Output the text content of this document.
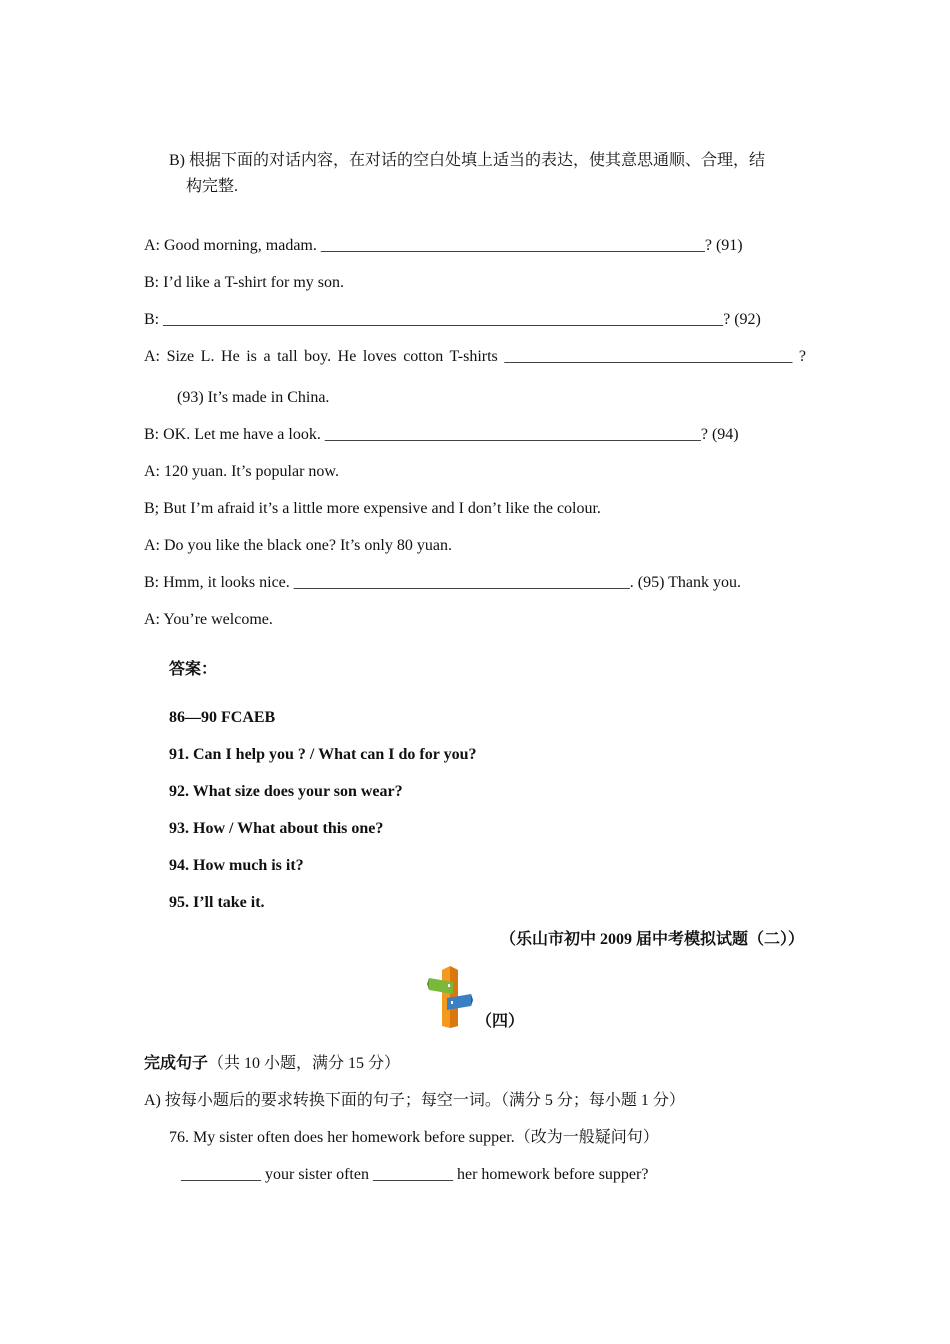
B) 根据下面的对话内容，在对话的空白处填上适当的表达，使其意思通顺、合理，结
构完整.
A: Good morning, madam. ________________________________________________? (91)
B: I’d like a T-shirt for my son.
B: ______________________________________________________________________? (92)
A: Size L. He is a tall boy. He loves cotton T-shirts ____________________________________ ?
(93) It’s made in China.
B: OK. Let me have a look. _______________________________________________? (94)
A: 120 yuan. It’s popular now.
B; But I’m afraid it’s a little more expensive and I don’t like the colour.
A: Do you like the black one? It’s only 80 yuan.
B: Hmm, it looks nice. __________________________________________. (95) Thank you.
A: You’re welcome.
答案：
86—90 FCAEB
91. Can I help you ? / What can I do for you?
92. What size does your son wear?
93. How / What about this one?
94. How much is it?
95. I’ll take it.
（乐山市初中 2009 届中考模拟试题（二））
（四）
完成句子（共 10 小题，满分 15 分）
A) 按每小题后的要求转换下面的句子；每空一词。（满分 5 分；每小题 1 分）
76. My sister often does her homework before supper.（改为一般疑问句）
__________ your sister often __________ her homework before supper?
